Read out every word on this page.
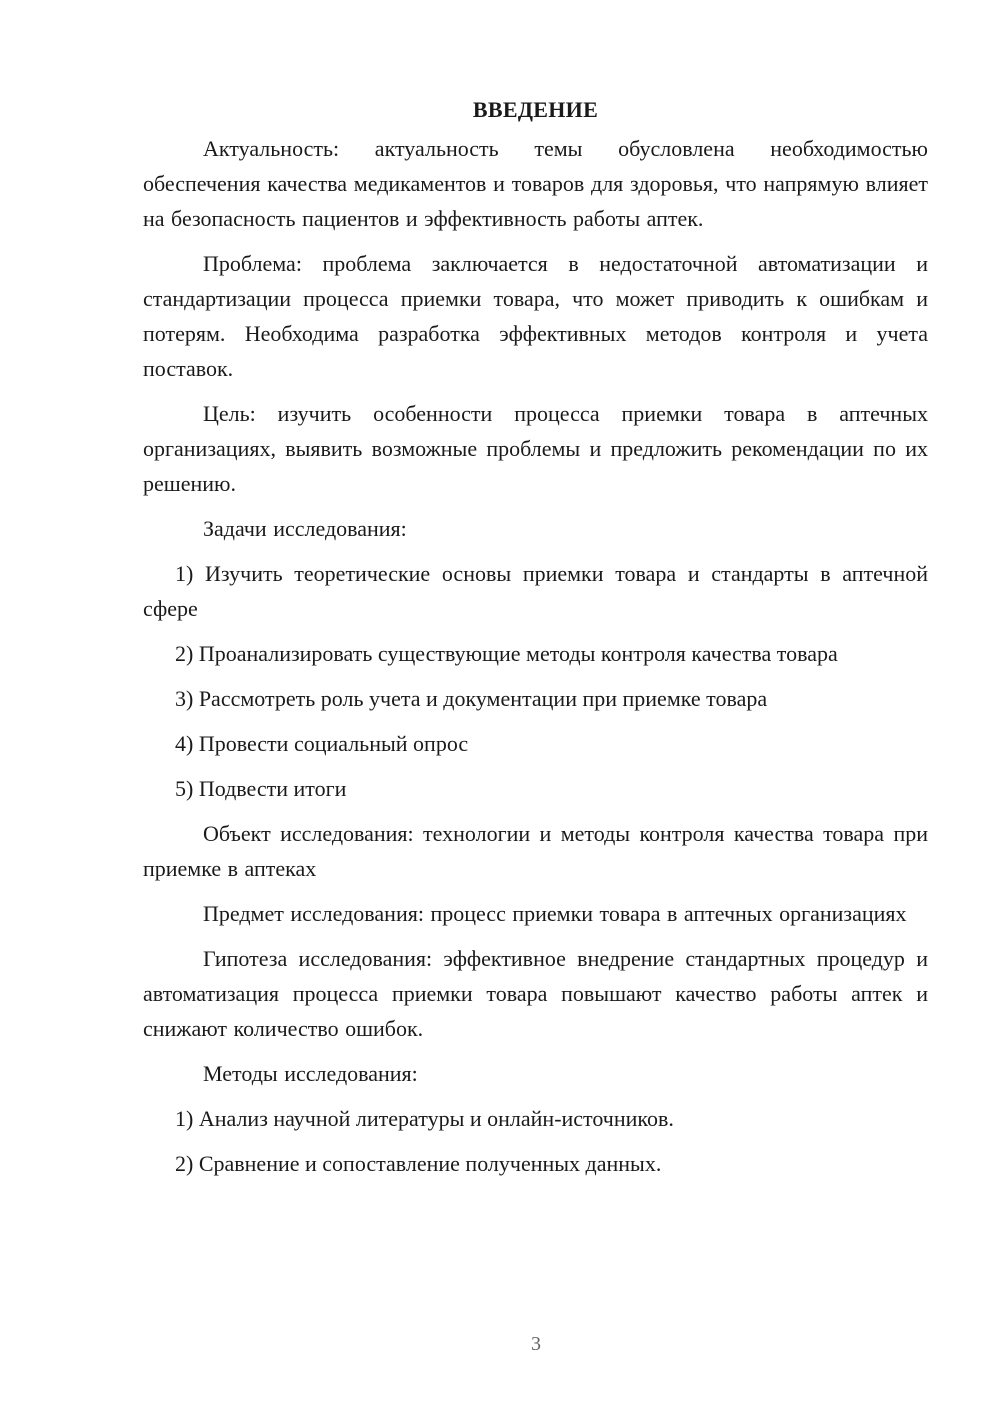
ВВЕДЕНИЕ

Актуальность: актуальность темы обусловлена необходимостью обеспечения качества медикаментов и товаров для здоровья, что напрямую влияет на безопасность пациентов и эффективность работы аптек.

Проблема: проблема заключается в недостаточной автоматизации и стандартизации процесса приемки товара, что может приводить к ошибкам и потерям. Необходима разработка эффективных методов контроля и учета поставок.

Цель: изучить особенности процесса приемки товара в аптечных организациях, выявить возможные проблемы и предложить рекомендации по их решению.

Задачи исследования:

1) Изучить теоретические основы приемки товара и стандарты в аптечной сфере

2) Проанализировать существующие методы контроля качества товара

3) Рассмотреть роль учета и документации при приемке товара

4) Провести социальный опрос

5) Подвести итоги

Объект исследования: технологии и методы контроля качества товара при приемке в аптеках

Предмет исследования: процесс приемки товара в аптечных организациях

Гипотеза исследования: эффективное внедрение стандартных процедур и автоматизация процесса приемки товара повышают качество работы аптек и снижают количество ошибок.

Методы исследования:

1) Анализ научной литературы и онлайн-источников.

2) Сравнение и сопоставление полученных данных.

3
